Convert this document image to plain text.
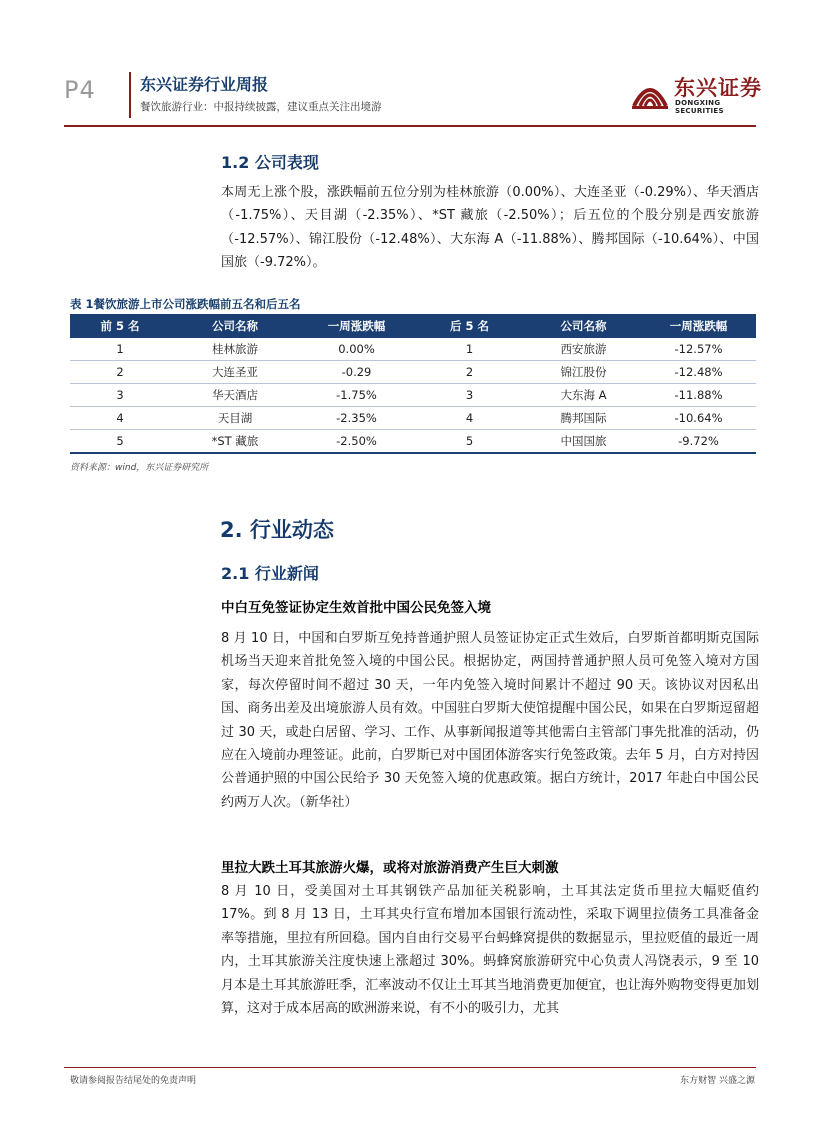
P4	东兴证券行业周报
餐饮旅游行业：中报持续披露，建议重点关注出境游
东兴证券
DONGXING SECURITIES
1.2 公司表现

本周无上涨个股，涨跌幅前五位分别为桂林旅游（0.00%）、大连圣亚（-0.29%）、华天酒店（-1.75%）、天目湖（-2.35%）、*ST 藏旅（-2.50%）；后五位的个股分别是西安旅游（-12.57%）、锦江股份（-12.48%）、大东海 A（-11.88%）、腾邦国际（-10.64%）、中国国旅（-9.72%）。

表 1餐饮旅游上市公司涨跌幅前五名和后五名
前 5 名	公司名称	一周涨跌幅	后 5 名	公司名称	一周涨跌幅
1	桂林旅游	0.00%	1	西安旅游	-12.57%
2	大连圣亚	-0.29	2	锦江股份	-12.48%
3	华天酒店	-1.75%	3	大东海 A	-11.88%
4	天目湖	-2.35%	4	腾邦国际	-10.64%
5	*ST 藏旅	-2.50%	5	中国国旅	-9.72%
资料来源：wind，东兴证券研究所
2. 行业动态
2.1 行业新闻
中白互免签证协定生效首批中国公民免签入境

8 月 10 日，中国和白罗斯互免持普通护照人员签证协定正式生效后，白罗斯首都明斯克国际机场当天迎来首批免签入境的中国公民。根据协定，两国持普通护照人员可免签入境对方国家，每次停留时间不超过 30 天，一年内免签入境时间累计不超过 90 天。该协议对因私出国、商务出差及出境旅游人员有效。中国驻白罗斯大使馆提醒中国公民，如果在白罗斯逗留超过 30 天，或赴白居留、学习、工作、从事新闻报道等其他需白主管部门事先批准的活动，仍应在入境前办理签证。此前，白罗斯已对中国团体游客实行免签政策。去年 5 月，白方对持因公普通护照的中国公民给予 30 天免签入境的优惠政策。据白方统计，2017 年赴白中国公民约两万人次。（新华社）

里拉大跌土耳其旅游火爆，或将对旅游消费产生巨大刺激

8 月 10 日，受美国对土耳其钢铁产品加征关税影响，土耳其法定货币里拉大幅贬值约 17%。到 8 月 13 日，土耳其央行宣布增加本国银行流动性，采取下调里拉债务工具准备金率等措施，里拉有所回稳。国内自由行交易平台蚂蜂窝提供的数据显示，里拉贬值的最近一周内，土耳其旅游关注度快速上涨超过 30%。蚂蜂窝旅游研究中心负责人冯饶表示，9 至 10 月本是土耳其旅游旺季，汇率波动不仅让土耳其当地消费更加便宜，也让海外购物变得更加划算，这对于成本居高的欧洲游来说，有不小的吸引力，尤其

敬请参阅报告结尾处的免责声明	东方财智 兴盛之源
